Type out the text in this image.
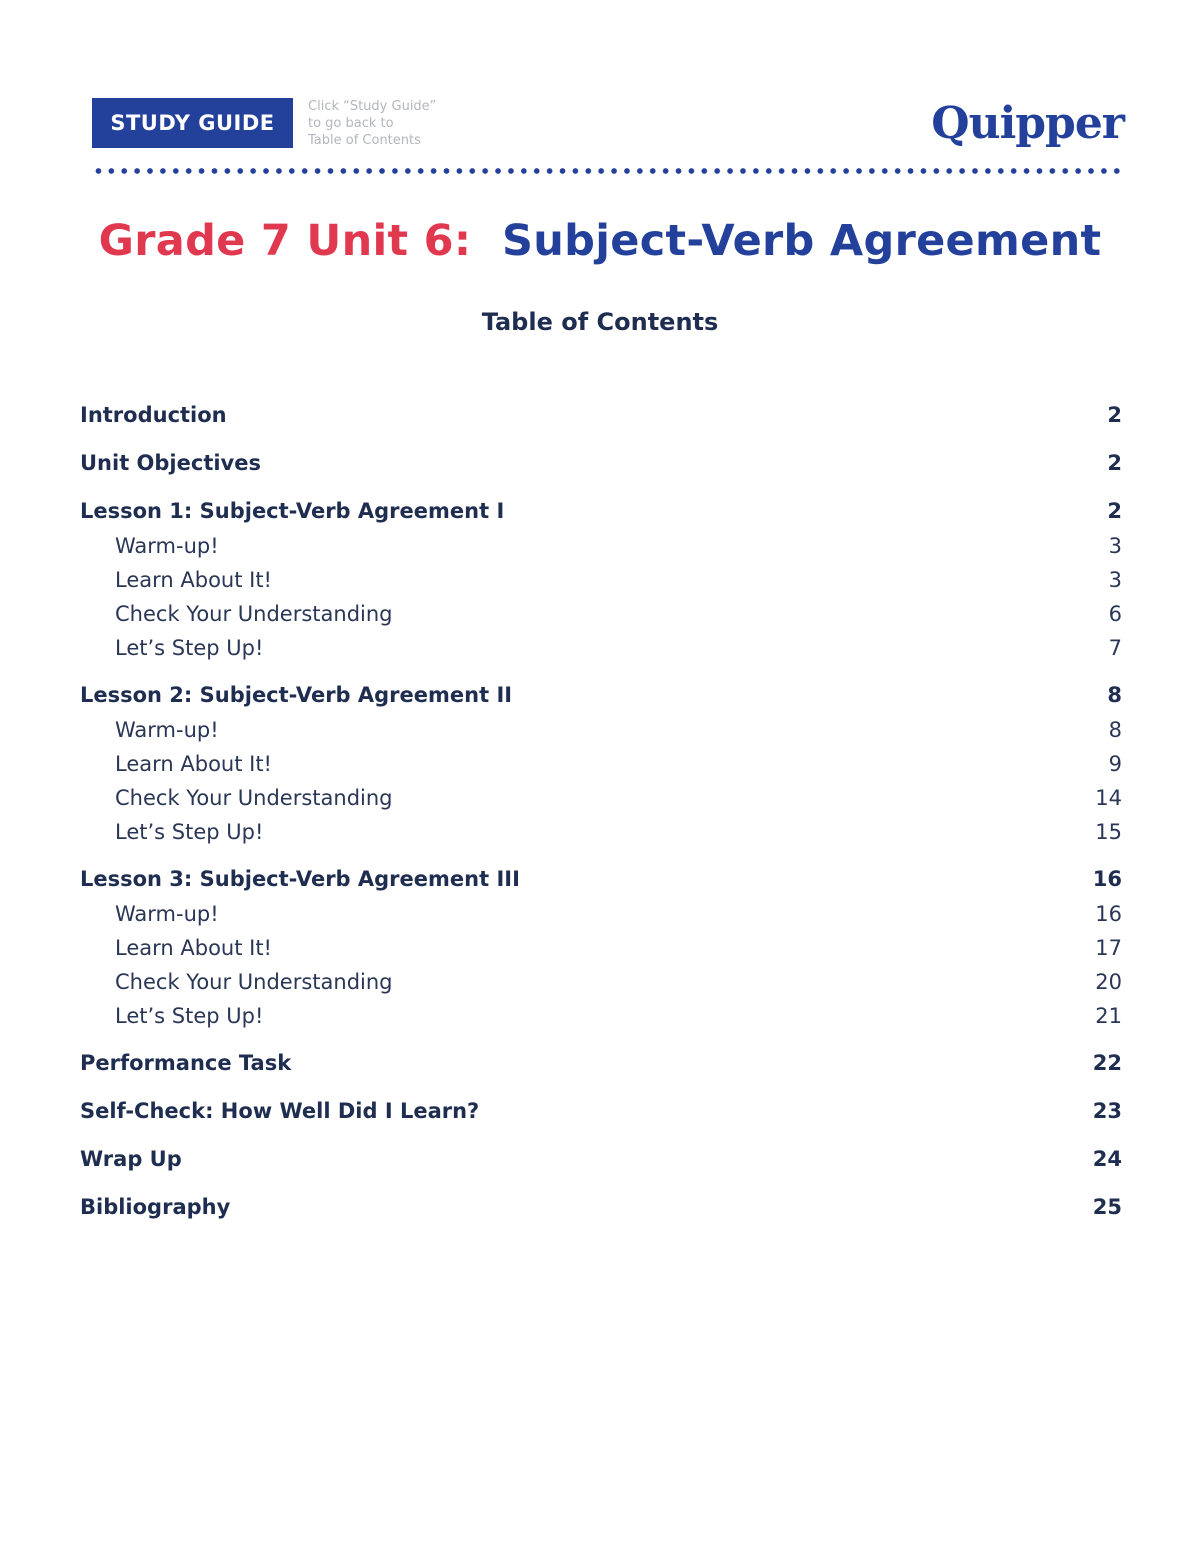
STUDY GUIDE
Click “Study Guide”
to go back to
Table of Contents	Quipper
Grade 7 Unit 6: Subject-Verb Agreement
Table of Contents
Introduction	2
Unit Objectives	2
Lesson 1: Subject-Verb Agreement I	2
Warm-up!	3
Learn About It!	3
Check Your Understanding	6
Let’s Step Up!	7
Lesson 2: Subject-Verb Agreement II	8
Warm-up!	8
Learn About It!	9
Check Your Understanding	14
Let’s Step Up!	15
Lesson 3: Subject-Verb Agreement III	16
Warm-up!	16
Learn About It!	17
Check Your Understanding	20
Let’s Step Up!	21
Performance Task	22
Self-Check: How Well Did I Learn?	23
Wrap Up	24
Bibliography	25
